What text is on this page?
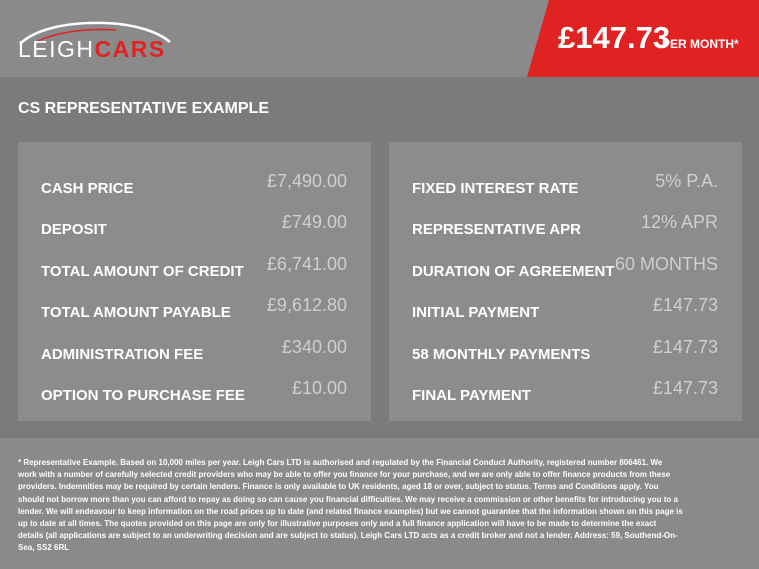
LEIGHCARS	£147.73
PER MONTH*
CS REPRESENTATIVE EXAMPLE
CASH PRICE	£7,490.00
DEPOSIT	£749.00
TOTAL AMOUNT OF CREDIT £6,741.00
TOTAL AMOUNT PAYABLE £9,612.80
ADMINISTRATION FEE	£340.00
OPTION TO PURCHASE FEE	£10.00
FIXED INTEREST RATE	5% P.A.
REPRESENTATIVE APR	12% APR
DURATION OF AGREEMENT 60 MONTHS
INITIAL PAYMENT	£147.73
58 MONTHLY PAYMENTS	£147.73
FINAL PAYMENT	£147.73
* Representative Example. Based on 10,000 miles per year. Leigh Cars LTD is authorised and regulated by the Financial Conduct Authority, registered number 806461. We work with a number of carefully selected credit providers who may be able to offer you finance for your purchase, and we are only able to offer finance products from these providers. Indemnities may be required by certain lenders. Finance is only available to UK residents, aged 18 or over, subject to status. Terms and Conditions apply. You should not borrow more than you can afford to repay as doing so can cause you financial difficulties. We may receive a commission or other benefits for introducing you to a lender. We will endeavour to keep information on the road prices up to date (and related finance examples) but we cannot guarantee that the information shown on this page is up to date at all times. The quotes provided on this page are only for illustrative purposes only and a full finance application will have to be made to determine the exact details (all applications are subject to an underwriting decision and are subject to status). Leigh Cars LTD acts as a credit broker and not a lender. Address: 59, Southend-On-Sea, SS2 6RL
